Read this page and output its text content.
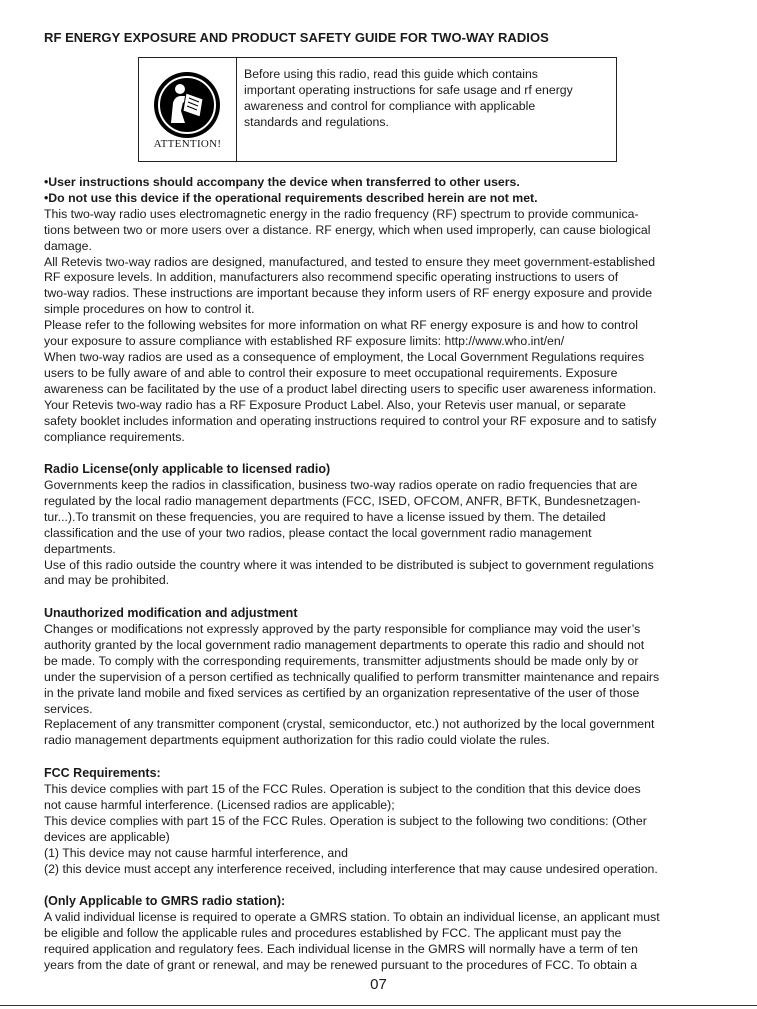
RF ENERGY EXPOSURE AND PRODUCT SAFETY GUIDE FOR TWO-WAY RADIOS
ATTENTION!
Before using this radio, read this guide which contains
important operating instructions for safe usage and rf energy
awareness and control for compliance with applicable
standards and regulations.
•User instructions should accompany the device when transferred to other users.
•Do not use this device if the operational requirements described herein are not met.
This two-way radio uses electromagnetic energy in the radio frequency (RF) spectrum to provide communica-
tions between two or more users over a distance. RF energy, which when used improperly, can cause biological
damage.
All Retevis two-way radios are designed, manufactured, and tested to ensure they meet government-established
RF exposure levels. In addition, manufacturers also recommend specific operating instructions to users of
two-way radios. These instructions are important because they inform users of RF energy exposure and provide
simple procedures on how to control it.
Please refer to the following websites for more information on what RF energy exposure is and how to control
your exposure to assure compliance with established RF exposure limits: http://www.who.int/en/
When two-way radios are used as a consequence of employment, the Local Government Regulations requires
users to be fully aware of and able to control their exposure to meet occupational requirements. Exposure
awareness can be facilitated by the use of a product label directing users to specific user awareness information.
Your Retevis two-way radio has a RF Exposure Product Label. Also, your Retevis user manual, or separate
safety booklet includes information and operating instructions required to control your RF exposure and to satisfy
compliance requirements.
Radio License(only applicable to licensed radio)
Governments keep the radios in classification, business two-way radios operate on radio frequencies that are
regulated by the local radio management departments (FCC, ISED, OFCOM, ANFR, BFTK, Bundesnetzagen-
tur...).To transmit on these frequencies, you are required to have a license issued by them. The detailed
classification and the use of your two radios, please contact the local government radio management
departments.
Use of this radio outside the country where it was intended to be distributed is subject to government regulations
and may be prohibited.
Unauthorized modification and adjustment
Changes or modifications not expressly approved by the party responsible for compliance may void the user’s
authority granted by the local government radio management departments to operate this radio and should not
be made. To comply with the corresponding requirements, transmitter adjustments should be made only by or
under the supervision of a person certified as technically qualified to perform transmitter maintenance and repairs
in the private land mobile and fixed services as certified by an organization representative of the user of those
services.
Replacement of any transmitter component (crystal, semiconductor, etc.) not authorized by the local government
radio management departments equipment authorization for this radio could violate the rules.
FCC Requirements:
This device complies with part 15 of the FCC Rules. Operation is subject to the condition that this device does
not cause harmful interference. (Licensed radios are applicable);
This device complies with part 15 of the FCC Rules. Operation is subject to the following two conditions: (Other
devices are applicable)
(1) This device may not cause harmful interference, and
(2) this device must accept any interference received, including interference that may cause undesired operation.
(Only Applicable to GMRS radio station):
A valid individual license is required to operate a GMRS station. To obtain an individual license, an applicant must
be eligible and follow the applicable rules and procedures established by FCC. The applicant must pay the
required application and regulatory fees. Each individual license in the GMRS will normally have a term of ten
years from the date of grant or renewal, and may be renewed pursuant to the procedures of FCC. To obtain a
07
